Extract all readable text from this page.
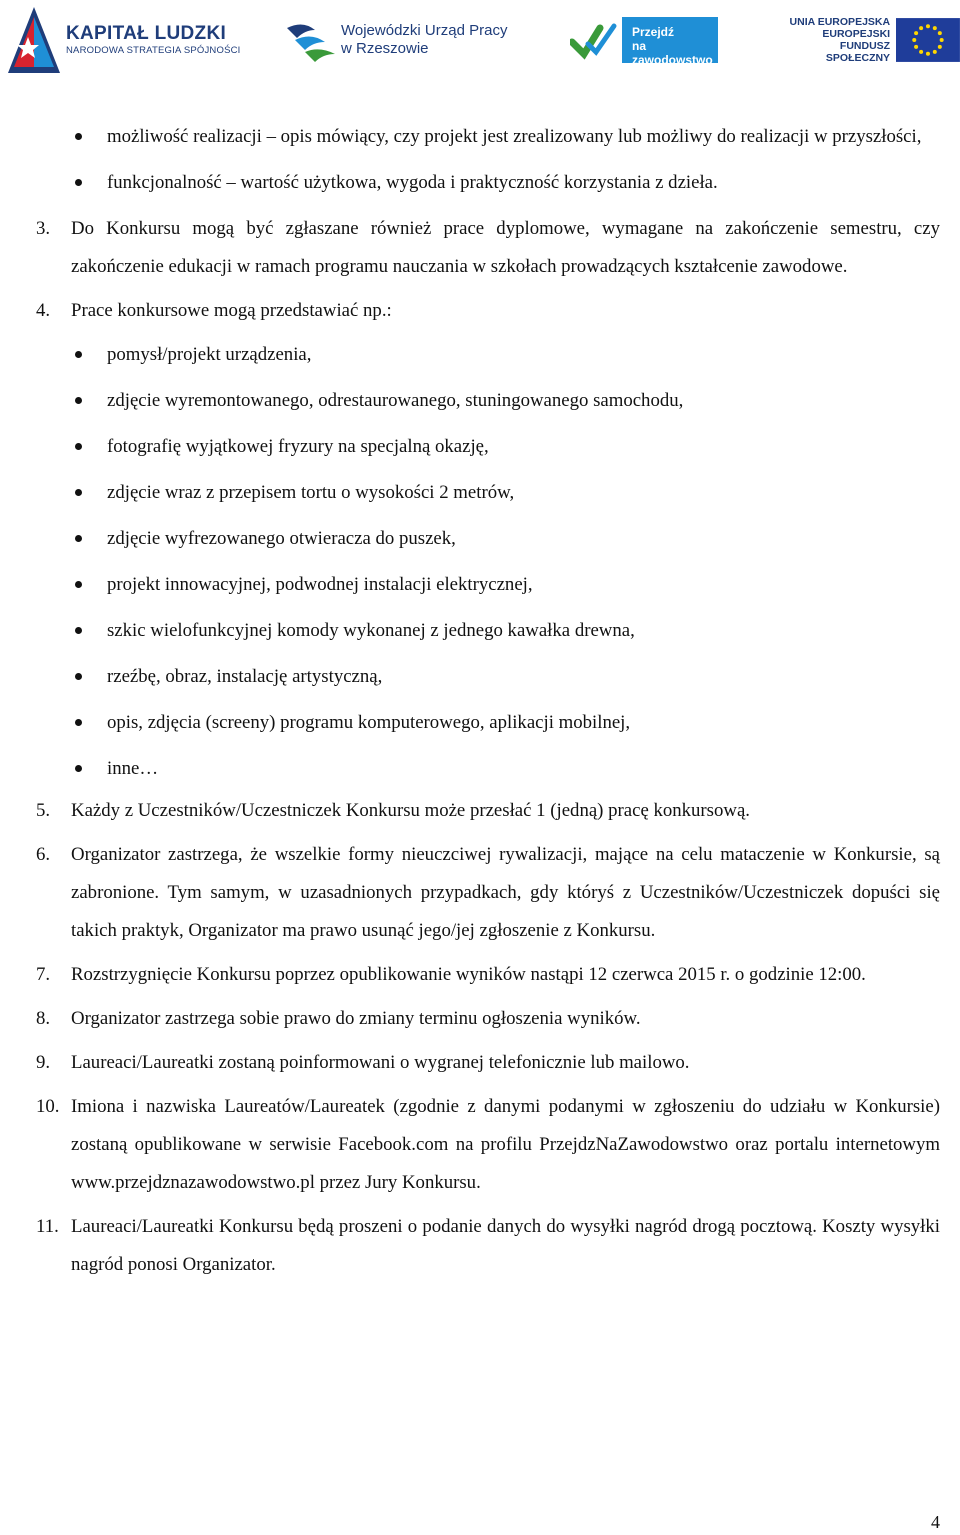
KAPITAŁ LUDZKI
NARODOWA STRATEGIA SPÓJNOŚCI
Wojewódzki Urząd Pracy
w Rzeszowie
Przejdź
na zawodowstwo
UNIA EUROPEJSKA
EUROPEJSKI
FUNDUSZ SPOŁECZNY
możliwość realizacji – opis mówiący, czy projekt jest zrealizowany lub możliwy do realizacji w przyszłości,
funkcjonalność – wartość użytkowa, wygoda i praktyczność korzystania z dzieła.
3. Do Konkursu mogą być zgłaszane również prace dyplomowe, wymagane na zakończenie semestru, czy zakończenie edukacji w ramach programu nauczania w szkołach prowadzących kształcenie zawodowe.
4. Prace konkursowe mogą przedstawiać np.:
pomysł/projekt urządzenia,
zdjęcie wyremontowanego, odrestaurowanego, stuningowanego samochodu,
fotografię wyjątkowej fryzury na specjalną okazję,
zdjęcie wraz z przepisem tortu o wysokości 2 metrów,
zdjęcie wyfrezowanego otwieracza do puszek,
projekt innowacyjnej, podwodnej instalacji elektrycznej,
szkic wielofunkcyjnej komody wykonanej z jednego kawałka drewna,
rzeźbę, obraz, instalację artystyczną,
opis, zdjęcia (screeny) programu komputerowego, aplikacji mobilnej,
inne…
5. Każdy z Uczestników/Uczestniczek Konkursu może przesłać 1 (jedną) pracę konkursową.
6. Organizator zastrzega, że wszelkie formy nieuczciwej rywalizacji, mające na celu mataczenie w Konkursie, są zabronione. Tym samym, w uzasadnionych przypadkach, gdy któryś z Uczestników/Uczestniczek dopuści się takich praktyk, Organizator ma prawo usunąć jego/jej zgłoszenie z Konkursu.
7. Rozstrzygnięcie Konkursu poprzez opublikowanie wyników nastąpi 12 czerwca 2015 r. o godzinie 12:00.
8. Organizator zastrzega sobie prawo do zmiany terminu ogłoszenia wyników.
9. Laureaci/Laureatki zostaną poinformowani o wygranej telefonicznie lub mailowo.
10. Imiona i nazwiska Laureatów/Laureatek (zgodnie z danymi podanymi w zgłoszeniu do udziału w Konkursie) zostaną opublikowane w serwisie Facebook.com na profilu PrzejdzNaZawodowstwo oraz portalu internetowym www.przejdznazawodowstwo.pl przez Jury Konkursu.
11. Laureaci/Laureatki Konkursu będą proszeni o podanie danych do wysyłki nagród drogą pocztową. Koszty wysyłki nagród ponosi Organizator.
4
